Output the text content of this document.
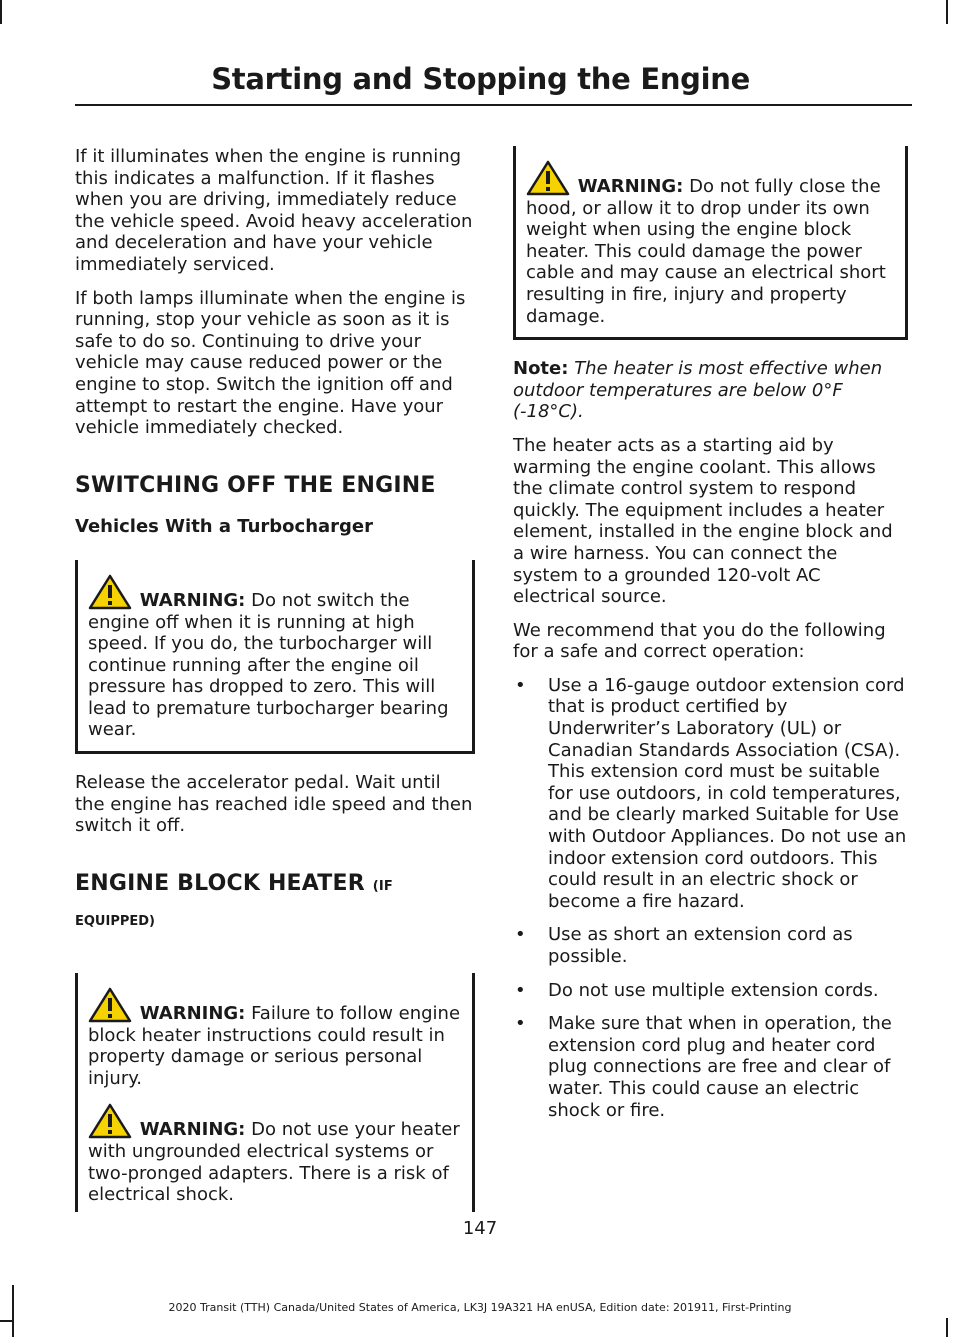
Starting and Stopping the Engine

If it illuminates when the engine is running this indicates a malfunction. If it flashes when you are driving, immediately reduce the vehicle speed. Avoid heavy acceleration and deceleration and have your vehicle immediately serviced.

If both lamps illuminate when the engine is running, stop your vehicle as soon as it is safe to do so. Continuing to drive your vehicle may cause reduced power or the engine to stop. Switch the ignition off and attempt to restart the engine. Have your vehicle immediately checked.

SWITCHING OFF THE ENGINE
Vehicles With a Turbocharger

WARNING: Do not switch the engine off when it is running at high speed. If you do, the turbocharger will continue running after the engine oil pressure has dropped to zero. This will lead to premature turbocharger bearing wear.

Release the accelerator pedal. Wait until the engine has reached idle speed and then switch it off.

ENGINE BLOCK HEATER (IF
EQUIPPED)

WARNING: Failure to follow engine block heater instructions could result in property damage or serious personal injury.

WARNING: Do not use your heater with ungrounded electrical systems or two-pronged adapters. There is a risk of electrical shock.

WARNING: Do not fully close the hood, or allow it to drop under its own weight when using the engine block heater. This could damage the power cable and may cause an electrical short resulting in fire, injury and property damage.

Note: The heater is most effective when outdoor temperatures are below 0°F (-18°C).

The heater acts as a starting aid by warming the engine coolant. This allows the climate control system to respond quickly. The equipment includes a heater element, installed in the engine block and a wire harness. You can connect the system to a grounded 120-volt AC electrical source.

We recommend that you do the following for a safe and correct operation:

• Use a 16-gauge outdoor extension cord that is product certified by Underwriter’s Laboratory (UL) or Canadian Standards Association (CSA). This extension cord must be suitable for use outdoors, in cold temperatures, and be clearly marked Suitable for Use with Outdoor Appliances. Do not use an indoor extension cord outdoors. This could result in an electric shock or become a fire hazard.
• Use as short an extension cord as possible.
• Do not use multiple extension cords.
• Make sure that when in operation, the extension cord plug and heater cord plug connections are free and clear of water. This could cause an electric shock or fire.
147
2020 Transit (TTH) Canada/United States of America, LK3J 19A321 HA enUSA, Edition date: 201911, First-Printing
